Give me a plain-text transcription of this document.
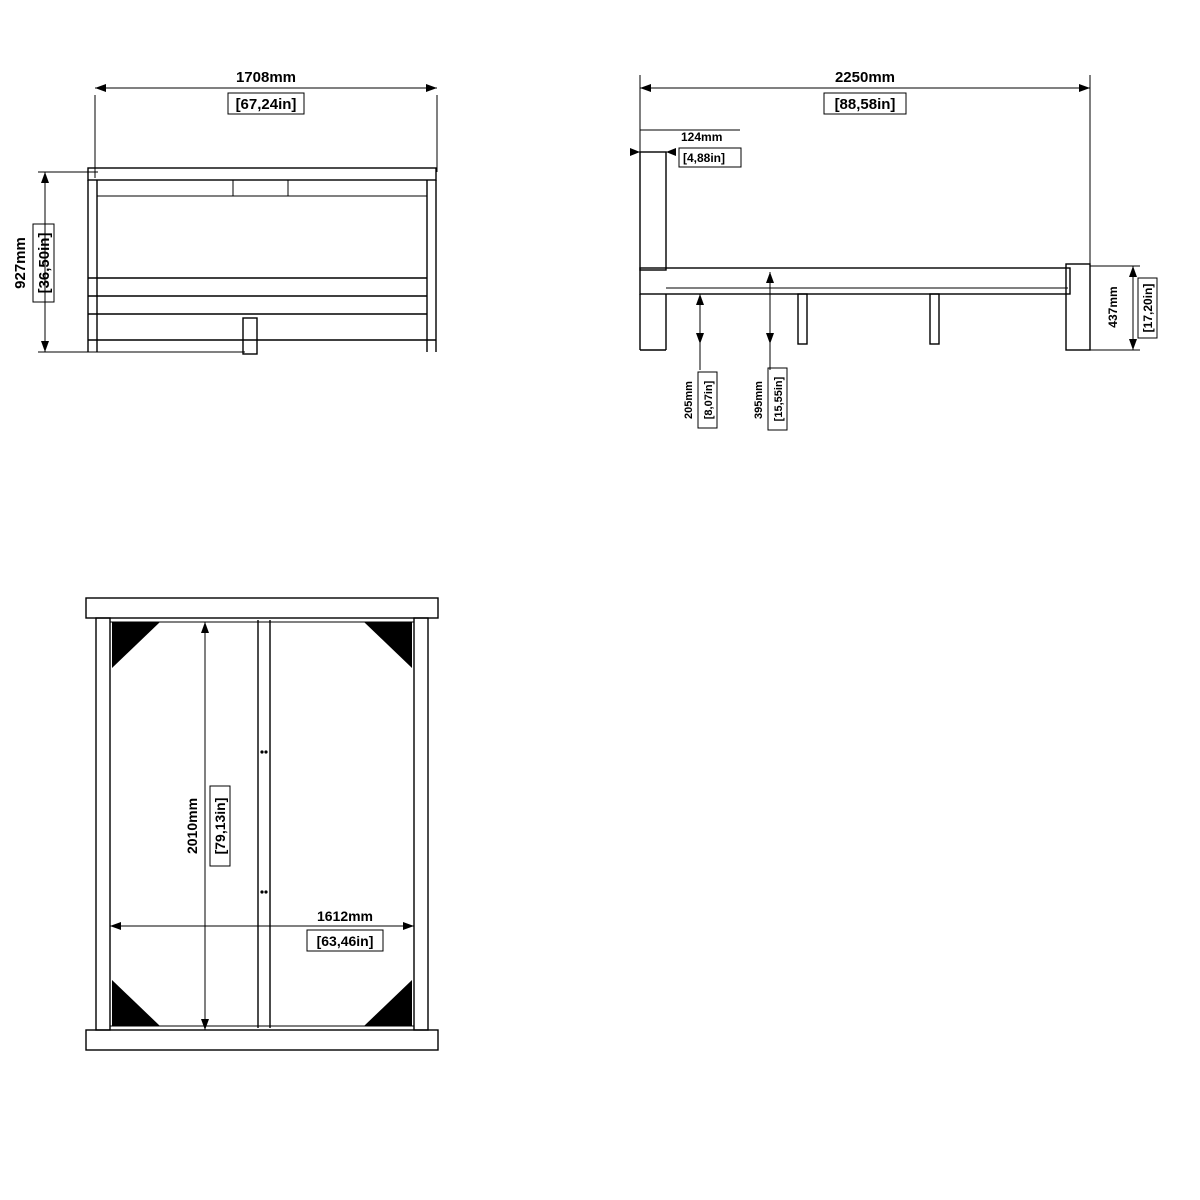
1708mm
[67,24in]
927mm [36,50in]
2250mm
[88,58in]
124mm
[4,88in]
437mm [17,20in]
205mm [8,07in]	395mm [15,55in]
2010mm [79,13in]
1612mm
[63,46in]
